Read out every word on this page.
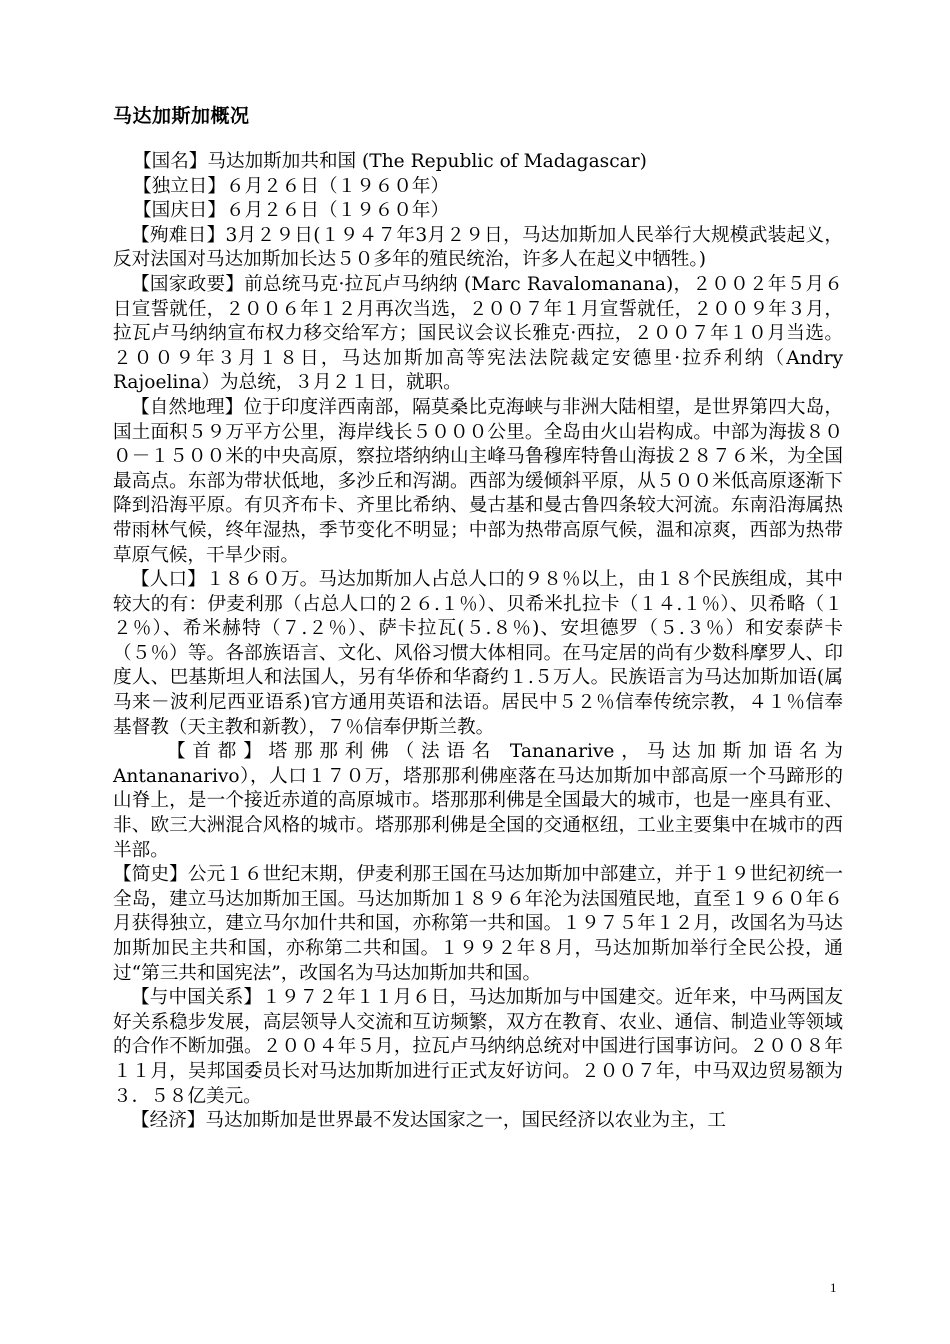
马达加斯加概况

【国名】马达加斯加共和国 (The Republic of Madagascar)

【独立日】６月２６日（１９６０年）

【国庆日】６月２６日（１９６０年）

【殉难日】3月２９日(１９４７年3月２９日，马达加斯加人民举行大规模武装起义，反对法国对马达加斯加长达５０多年的殖民统治，许多人在起义中牺牲。)

【国家政要】前总统马克·拉瓦卢马纳纳 (Marc Ravalomanana)，２００２年５月６日宣誓就任，２００６年１２月再次当选，２００７年１月宣誓就任，２００９年３月，拉瓦卢马纳纳宣布权力移交给军方；国民议会议长雅克·西拉，２００７年１０月当选。２００９年３月１８日，马达加斯加高等宪法法院裁定安德里·拉乔利纳（Andry Rajoelina）为总统，３月２１日，就职。

【自然地理】位于印度洋西南部，隔莫桑比克海峡与非洲大陆相望，是世界第四大岛，国土面积５９万平方公里，海岸线长５０００公里。全岛由火山岩构成。中部为海拔８００－１５００米的中央高原，察拉塔纳纳山主峰马鲁穆库特鲁山海拔２８７６米，为全国最高点。东部为带状低地，多沙丘和泻湖。西部为缓倾斜平原，从５００米低高原逐渐下降到沿海平原。有贝齐布卡、齐里比希纳、曼古基和曼古鲁四条较大河流。东南沿海属热带雨林气候，终年湿热，季节变化不明显；中部为热带高原气候，温和凉爽，西部为热带草原气候，干旱少雨。

【人口】１８６０万。马达加斯加人占总人口的９８％以上，由１８个民族组成，其中较大的有：伊麦利那（占总人口的２６.１％）、贝希米扎拉卡（１４.１％）、贝希略（１２％）、希米赫特（７.２％）、萨卡拉瓦(５.８％)、安坦德罗（５.３％）和安泰萨卡（５％）等。各部族语言、文化、风俗习惯大体相同。在马定居的尚有少数科摩罗人、印度人、巴基斯坦人和法国人，另有华侨和华裔约１.５万人。民族语言为马达加斯加语(属马来－波利尼西亚语系)官方通用英语和法语。居民中５２％信奉传统宗教，４１％信奉基督教（天主教和新教），７％信奉伊斯兰教。

【首都】塔那那利佛（法语名 Tananarive，马达加斯加语名为 Antananarivo），人口１７０万，塔那那利佛座落在马达加斯加中部高原一个马蹄形的山脊上，是一个接近赤道的高原城市。塔那那利佛是全国最大的城市，也是一座具有亚、非、欧三大洲混合风格的城市。塔那那利佛是全国的交通枢纽，工业主要集中在城市的西半部。

【简史】公元１６世纪末期，伊麦利那王国在马达加斯加中部建立，并于１９世纪初统一全岛，建立马达加斯加王国。马达加斯加１８９６年沦为法国殖民地，直至１９６０年６月获得独立，建立马尔加什共和国，亦称第一共和国。１９７５年１２月，改国名为马达加斯加民主共和国，亦称第二共和国。１９９２年８月，马达加斯加举行全民公投，通过“第三共和国宪法”，改国名为马达加斯加共和国。

【与中国关系】１９７２年１１月６日，马达加斯加与中国建交。近年来，中马两国友好关系稳步发展，高层领导人交流和互访频繁，双方在教育、农业、通信、制造业等领域的合作不断加强。２００４年５月，拉瓦卢马纳纳总统对中国进行国事访问。２００８年１１月，吴邦国委员长对马达加斯加进行正式友好访问。２００７年，中马双边贸易额为３．５８亿美元。

【经济】马达加斯加是世界最不发达国家之一，国民经济以农业为主，工

1
